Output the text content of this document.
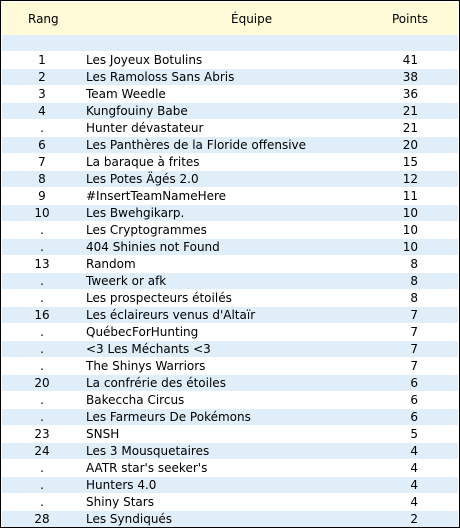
Rang	Équipe	Points
1	Les Joyeux Botulins	41
2	Les Ramoloss Sans Abris	38
3	Team Weedle	36
4	Kungfouiny Babe	21
.	Hunter dévastateur	21
6	Les Panthères de la Floride offensive	20
7	La baraque à frites	15
8	Les Potes Ägés 2.0	12
9	#InsertTeamNameHere	11
10	Les Bwehgikarp.	10
.	Les Cryptogrammes	10
.	404 Shinies not Found	10
13	Random	8
.	Tweerk or afk	8
.	Les prospecteurs étoilés	8
16	Les éclaireurs venus d'Altaïr	7
.	QuébecForHunting	7
.	<3 Les Méchants <3	7
.	The Shinys Warriors	7
20	La confrérie des étoiles	6
.	Bakeccha Circus	6
.	Les Farmeurs De Pokémons	6
23	SNSH	5
24	Les 3 Mousquetaires	4
.	AATR star's seeker's	4
.	Hunters 4.0	4
.	Shiny Stars	4
28	Les Syndiqués	2
